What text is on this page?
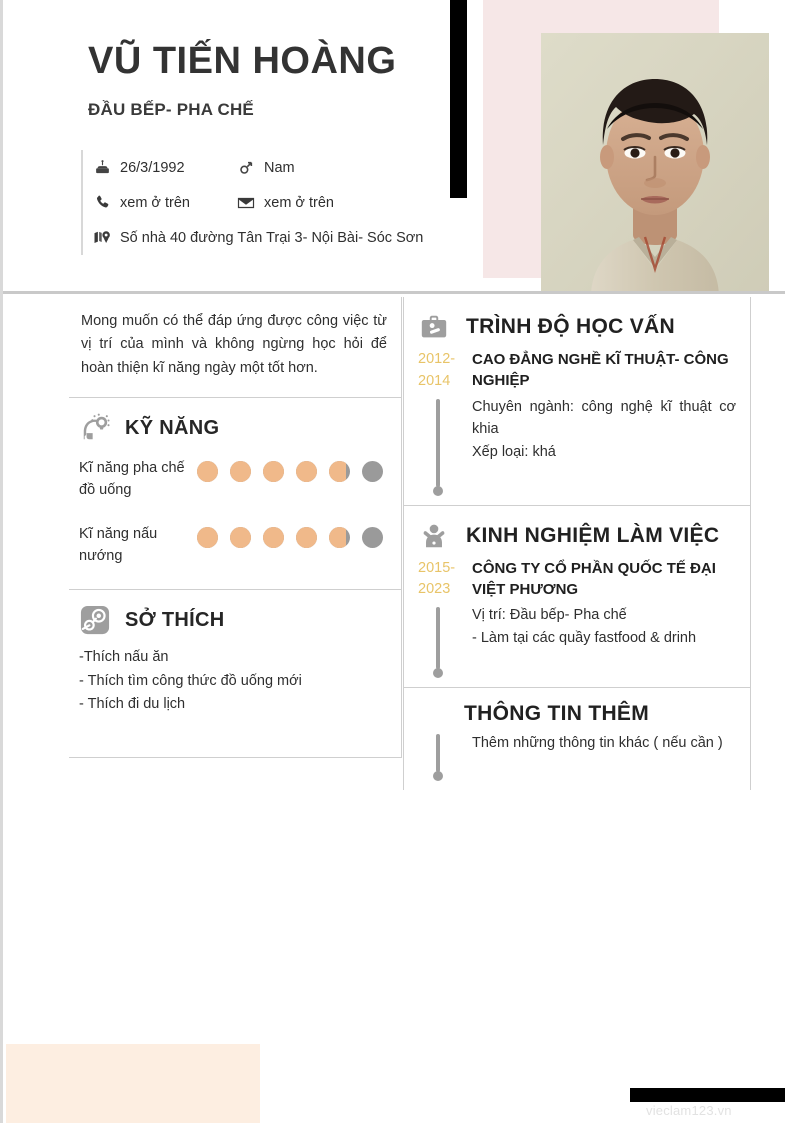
VŨ TIẾN HOÀNG
ĐẦU BẾP- PHA CHẾ
26/3/1992	Nam
xem ở trên	xem ở trên
Số nhà 40 đường Tân Trại 3- Nội Bài- Sóc Sơn
Mong muốn có thể đáp ứng được công việc từ vị trí của mình và không ngừng học hỏi để hoàn thiện kĩ năng ngày một tốt hơn.
KỸ NĂNG
Kĩ năng pha chế đồ uống
Kĩ năng nấu nướng
SỞ THÍCH
-Thích nấu ăn
- Thích tìm công thức đồ uống mới
- Thích đi du lịch
TRÌNH ĐỘ HỌC VẤN
2012-
2014
CAO ĐẲNG NGHỀ KĨ THUẬT- CÔNG NGHIỆP
Chuyên ngành: công nghệ kĩ thuật cơ khia
Xếp loại: khá
KINH NGHIỆM LÀM VIỆC
2015-
2023
CÔNG TY CỔ PHẦN QUỐC TẾ ĐẠI VIỆT PHƯƠNG
Vị trí: Đầu bếp- Pha chế
- Làm tại các quầy fastfood & drinh
THÔNG TIN THÊM
Thêm những thông tin khác ( nếu cần )
vieclam123.vn
